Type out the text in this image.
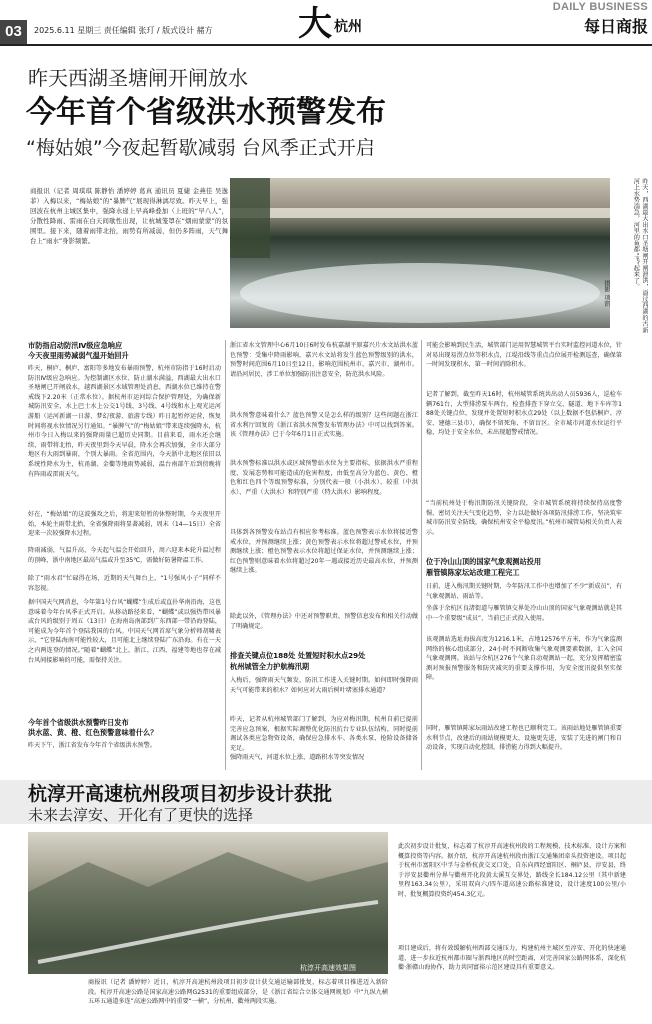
03	2025.6.11 星期三 责任编辑 张玎 / 版式设计 赭方	大 杭州
DAILY BUSINESS
每日商报
昨天西湖圣塘闸开闸放水
今年首个省级洪水预警发布
“梅姑娘”今夜起暂歇减弱 台风季正式开启
商报讯（记者 周琪琪 陈静怡 潘婷婷 葛真 通讯员 夏婕 金燕佳 吴逸菲）入梅以来，“梅姑娘”的“暴脾气”展现得淋漓尽致。昨天早上，强回波在杭州主城区集中，强降水递上早高峰叠加（上班的“早八人”，分散性降雨、雷雨在白天间歇性出现，让杭城笼罩在“烟雨蒙蒙”的氛围里。接下来，随着雨带北抬，雨势有所减弱，但仍多阵雨，天气舞台上“雨水”身影频繁。	昨天，西湖最大出水口圣塘闸开闸泄洪，溢过西湖的古新河上水势湍急，河里的鱼都“飞”起来了。
摄影 项凯
市防指启动防汛Ⅳ级应急响应
今天夜里雨势减弱气温开始回升
昨天，桐庐、桐庐、富阳等多地发布暴雨预警，杭州市防指于16时启动防汛Ⅳ级应急响应。为控制湖区水位、防止湖水满溢，西湖最大出水口圣塘闸已开闸放水，越西湖景区水域管理处消息，西湖水位已维持在警戒线下2.20米（正常水位）。据杭州市运河综合保护管理处，为确保新城防汛安全，水上巴士水上公交1号线、3号线、4号线和水上观光运河游船（运河新湖一日游、梦幻夜游、旅游专线）昨日起暂停运营，恢复时间将视水位情况另行通知。“暴脾气”的“梅姑娘”带来连续强降水，杭州市今日入梅以来的强降雨量已超历史同期。目前来看，雨水还会继续，雨带将北抬，昨天夜里到今天早晨，降水会再次加强，全市大部分地区有大雨到暴雨，个别大暴雨。全省范围内，今天浙中北地区依旧以系统性降水为主，杭甬湖、金衢等地雨势减弱，温台南部午后到傍晚将有阵雨或雷雨天气。
好在，“梅姑娘”的这波强攻之后，将迎来短暂的休整时期，今天夜里开始，本轮主雨带北抬，全省强降雨将显著减弱，周末（14—15日）全省迎来一次较强降水过程。
降雨减弱，气温升高，今天起气温会开始回升，周六迎来本轮升温过程的顶峰，浙中南地区最高气温或升至35℃，需做好防暑降温工作。
除了“雨水君”忙碌得在场，近期的天气舞台上，“1号强风小子”同样不容忽视。
据中国天气网消息，今年第1号台风“蝴蝶”生成后或直扑华南沿海，这也意味着今年台风季正式开启。从移动路径来看，“蝴蝶”或以强热带风暴或台风的级别于周五（13日）在海南岛南部到广东西部一带沿海登陆，可能成为今年首个登陆我国的台风。中国天气网首席气象分析师胡啸表示，“它登陆海南可能性较大，且可能北上继续登陆广东沿海。有在一天之内两连登的情况。”随着“蝴蝶”北上，浙江、江西、福建等地也存在减台风间接影响的可能，需保持关注。
今年首个省级洪水预警昨日发布
洪水蓝、黄、橙、红色预警意味着什么？
昨天下午，浙江省发布今年首个省级洪水预警。
浙江省水文管理中心6月10日6时发布杭嘉湖平原嘉兴片水文站洪水蓝色预警：受集中降雨影响，嘉兴水文站将发生蓝色预警级别的洪水，预警时间范围6月10日至12日，影响范围杭州市、嘉兴市、湖州市。请沿河居民、涉工单位加强防汛注意安全，防范洪水风险。
洪水预警意味着什么？蓝色预警又是怎么样的级别？这些问题在浙江省水利厅回复的《浙江省洪水预警发布管理办法》中可以找到答案。该《管理办法》已于今年6月1日正式实施。
洪水预警标准以洪水或区域预警站水位为主要指标，依据洪水严重程度、发展态势和可能造成的危害程度，由低至高分为蓝色、黄色、橙色和红色四个等级预警标准，分别代表一般（小洪水）、较重（中洪水）、严重（大洪水）和特别严重（特大洪水）影响程度。
具体到各预警发布站点有相应参考标准。蓝色预警表示水位将接近警戒水位，并预测继续上涨；黄色预警表示水位将超过警戒水位，并预测继续上涨；橙色预警表示水位将超过保证水位，并预测继续上涨；红色预警则意味着水位将超过20年一遇或接近历史最高水位，并预测继续上涨。
除此以外，《管理办法》中还对预警职责、预警信息发布和相关行动做了明确规定。
排查关键点位188处 处置短时积水点29处
杭州城管全力护航梅汛期
入梅后，强降雨天气频发，防汛工作进入关键时期。如何即时强降雨天气可能带来的积水？如何应对大雨后树叶堵塞排水通道？
昨天，记者从杭州城管部门了解到，为应对梅汛期，杭州自前已提前完善应急预案，根据实际调整优化防汛抗台专业队伍结构，同时提前调试各类应急物资设备，确保应急排水车、各类水泵、抢险设备储备充足。
强降雨天气，河道水位上涨、道路积水等突发情况
可能会影响到民生活，城管部门运用智慧城管平台实时监控河道水位，针对易出现易涝点位等积水点，江堤沿线等重点点位展开检测巡查，确保第一时间发现积水，第一时间消除积水。
记者了解到，截至昨天16时，杭州城管系统共出动人员5936人，巡检车辆761台，大型排涝泵车两台，检查排查下穿立交、隧道、地下车库等188处关键点位，发现并处置短时积水点29处（以上数据不包括桐庐、淳安、建德三县市），确保不留死角、不留盲区。全市城市河道水位运行平稳，均处于安全水位，未出现超警戒情况。
“当前杭州处于梅汛期防汛关键阶段，全市城管系统将持续保持高度警惕，密切关注天气变化趋势，全力以赴做好各项防汛排涝工作，坚决筑牢城市防汛安全防线，确保杭州安全平稳度汛。”杭州市城管局相关负责人表示。
位于冷山山顶的国家气象观测站投用
雁管镇陈家坛站改建工程完工
日前，进入梅汛期关键时期，今年防汛工作中也增加了不少“新成员”，有气象观测站、雨站等。
坐落于余杭区良渚街道与雁管镇交界处冷山山顶的国家气象观测站就是其中一个重要级“成员”，当前已正式投入使用。
该观测站选址海拔高度为1216.1米，占地12576平方米，作为气象监测网络的核心组成部分，24小时不间断收集气象观测要素数据，汇入全国气象观测网。该站与余杭区276个气象自动观测站一起，充分发挥精密监测对预报预警服务和防灾减灾的重要支撑作用，为安全度汛提供坚实保障。
同时，雁管镇陈家坛雨站改建工程也已顺利完工。该雨站地处雁管镇重要水利节点，改建后的雨站规模更大、设施更先进，安装了先进的闸门和自动设备，实现自动化控制，排涝能力得到大幅提升。
杭淳开高速杭州段项目初步设计获批
未来去淳安、开化有了更快的选择
杭淳开高速效果图
商报讯（记者 潘婷婷）近日，杭淳开高速杭州段项目初步设计获交通运输部批复，标志着项目推进迈入新阶段。杭淳开高速公路是国家高速公路网G2531的重要组成部分，是《浙江省综合立体交通网规划》中“九纵九横五环五通道多连”高速公路网中的重要“一横”，分杭州、衢州两段实施。
此次初步设计批复，标志着了杭淳开高速杭州段的工程规模、技术标准、设计方案和概算投资等内容。据介绍，杭淳开高速杭州段由浙江交通集团牵头投资建设。项目起于杭州市富阳区中孚与金桥杭黄交叉口处，自东向西经富阳区、桐庐县、淳安县，终于淳安县衢州分界与衢州开化段黄太溪互交界处，路线全长184.12公里（其中新建里程163.34公里），采用双向六/四车道高速公路标准建设，设计速度100公里/小时，批复概算投资约454.3亿元。
项目建成后，将有效缓解杭州西部交通压力，构建杭州主城区至淳安、开化的快速通道，进一步拉近杭州都市圈与浙西地区的时空距离，对完善国家公路网体系，深化杭衢·浙赣山海协作，助力共同富裕示范区建设具有重要意义。
